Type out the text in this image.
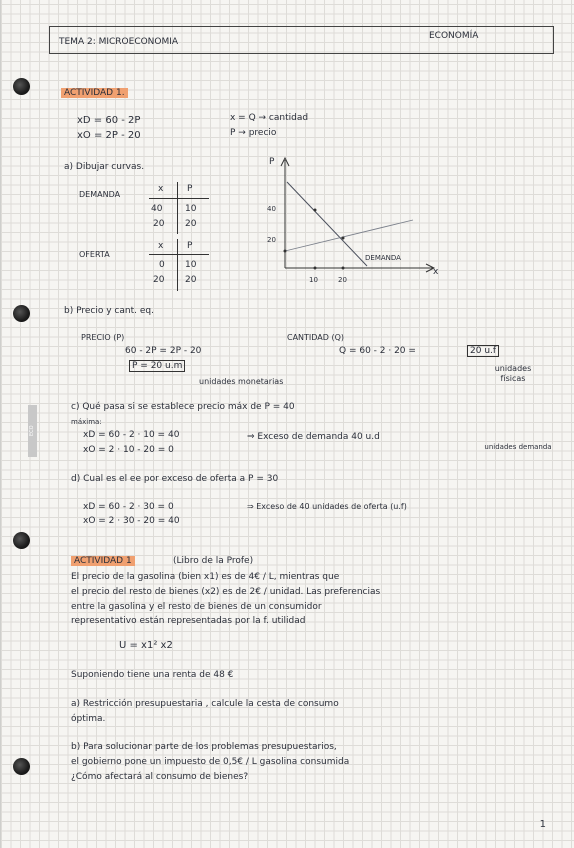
ECO
TEMA 2: MICROECONOMIA
ECONOMÍA
ACTIVIDAD 1.
xD = 60 - 2P
xO = 2P - 20
x = Q → cantidad
P → precio
a) Dibujar curvas.
DEMANDA
x	P
40	10
20 20
OFERTA
x	P
0 10
20 20
P
x
40
20
10	20
DEMANDA
b) Precio y cant. eq.
PRECIO (P)
60 - 2P = 2P - 20
P = 20 u.m
unidades monetarias
CANTIDAD (Q)
Q = 60 - 2 · 20 =	20 u.f
unidades físicas
c) Qué pasa si se establece precio máx de P = 40
máxima:
xD = 60 - 2 · 10 = 40
xO = 2 · 10 - 20 = 0
⇒ Exceso de demanda 40 u.d
unidades demanda
d) Cual es el ee por exceso de oferta a P = 30
xD = 60 - 2 · 30 = 0
xO = 2 · 30 - 20 = 40
⇒ Exceso de 40 unidades de oferta (u.f)
ACTIVIDAD 1	(Libro de la Profe)
El precio de la gasolina (bien x1) es de 4€ / L, mientras que
el precio del resto de bienes (x2) es de 2€ / unidad. Las preferencias
entre la gasolina y el resto de bienes de un consumidor
representativo están representadas por la f. utilidad
U = x1² x2
Suponiendo tiene una renta de 48 €
a) Restricción presupuestaria , calcule la cesta de consumo
óptima.
b) Para solucionar parte de los problemas presupuestarios,
el gobierno pone un impuesto de 0,5€ / L gasolina consumida
¿Cómo afectará al consumo de bienes?
1
